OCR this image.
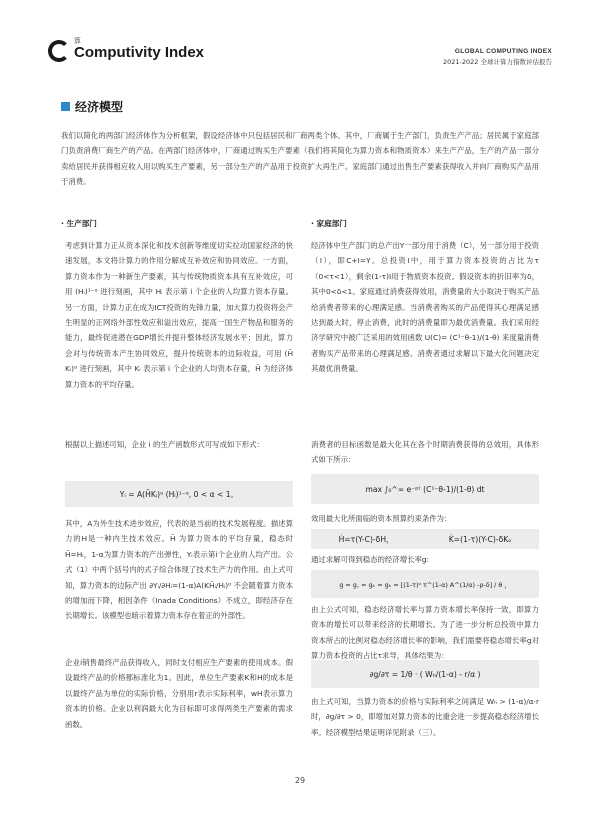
算
Computivity Index	GLOBAL COMPUTING INDEX
2021-2022 全球计算力指数评估报告
经济模型
我们以简化的两部门经济体作为分析框架，假设经济体中只包括居民和厂商两类个体。其中，厂商属于生产部门，负责生产产品；居民属于家庭部门负责消费厂商生产的产品。在两部门经济体中，厂商通过购买生产要素（我们将其简化为算力资本和物质资本）来生产产品，生产的产品一部分卖给居民并获得相应收入用以购买生产要素，另一部分生产的产品用于投资扩大再生产。家庭部门通过出售生产要素获得收入并向厂商购买产品用于消费。
· 生产部门
考虑到计算力正从资本深化和技术创新等维度切实拉动国家经济的快速发展，本文将计算力的作用分解成互补效应和协同效应。一方面，算力资本作为一种新生产要素，其与传统物质资本具有互补效应，可用 (Hᵢ)¹⁻ᵅ 进行刻画，其中 Hᵢ 表示第 i 个企业的人均算力资本存量。另一方面，计算力正在成为ICT投资的先锋力量，加大算力投资将会产生明显的正网络外部性效应和溢出效应，提高一国生产物品和服务的能力，最终促进潜在GDP增长并提升整体经济发展水平；因此，算力会对与传统资本产生协同效应，提升传统资本的边际收益，可用 (H̄ Kᵢ)ᵅ 进行刻画，其中 Kᵢ 表示第 i 个企业的人均资本存量，H̄ 为经济体算力资本的平均存量。
根据以上描述可知，企业 i 的生产函数形式可写成如下形式：
Yᵢ = A(H̄Kᵢ)ᵅ (Hᵢ)¹⁻ᵅ, 0 < α < 1。
其中，A为外生技术进步效应，代表的是当前的技术发展程度。描述算力的H是一种内生技术效应。H̄ 为算力资本的平均存量，稳态时H̄=Hᵢ，1-α为算力资本的产出弹性，Yᵢ表示第i个企业的人均产出。公式（1）中两个括号内的式子综合体现了技术生产力的作用。由上式可知，算力资本的边际产出 ∂Yᵢ/∂Hᵢ=(1-α)A(KH̄ᵢ/Hᵢ)ᵅ 不会随着算力资本的增加而下降，相因条件（Inada Conditions）不成立，即经济存在长期增长。该模型也暗示着算力资本存在着正的外部性。
企业i销售最终产品获得收入，同时支付相应生产要素的使用成本。假设最终产品的价格都标准化为1。因此，单位生产要素K和H的成本是以最终产品为单位的实际价格，分别用r表示实际利率，wH表示算力资本的价格。企业以利润最大化为目标即可求得两类生产要素的需求函数。
· 家庭部门
经济体中生产部门的总产出Y一部分用于消费（C），另一部分用于投资（I），即C+I=Y。总投资I中，用于算力资本投资的占比为τ（0<τ<1），剩余(1-τ)I用于物质资本投资。假设资本的折旧率为δ，其中0<δ<1。家庭通过消费获得效用，消费量的大小取决于购买产品给消费者带来的心理满足感。当消费者购买的产品使得其心理满足感达到最大时，停止消费，此时的消费量即为最优消费量。我们采用经济学研究中被广泛采用的效用函数 U(C)= (C¹⁻θ-1)/(1-θ) 来度量消费者购买产品带来的心理满足感。消费者通过求解以下最大化问题决定其最优消费量。
消费者的目标函数是最大化其在各个时期消费获得的总效用，具体形式如下所示：
max ∫₀^∞ e⁻ᵖᵗ (C¹⁻θ-1)/(1-θ) dt
效用最大化所面临的资本预算约束条件为：
Ḣ=τ(Y-C)-δH，	K̇=(1-τ)(Y-C)-δKₒ
通过求解可得到稳态的经济增长率g:
g = g꜀ = gₖ = gₕ = [(1-τ)ᵅ τ^(1-α) A^(1/α) -ρ-δ] / θ ，
由上公式可知，稳态经济增长率与算力资本增长率保持一致，即算力资本的增长可以带来经济的长期增长。为了进一步分析总投资中算力资本所占的比例对稳态经济增长率的影响，我们需要将稳态增长率g对算力资本投资的占比τ求导，具体结果为：
∂g/∂τ = 1/θ · ( Wₕ/(1-α) - r/α )
由上式可知，当算力资本的价格与实际利率之间满足 Wₕ > (1-α)/α·r 时，∂g/∂τ > 0，即增加对算力资本的比重会进一步提高稳态经济增长率。经济模型结果证明详见附录（三）。
29
